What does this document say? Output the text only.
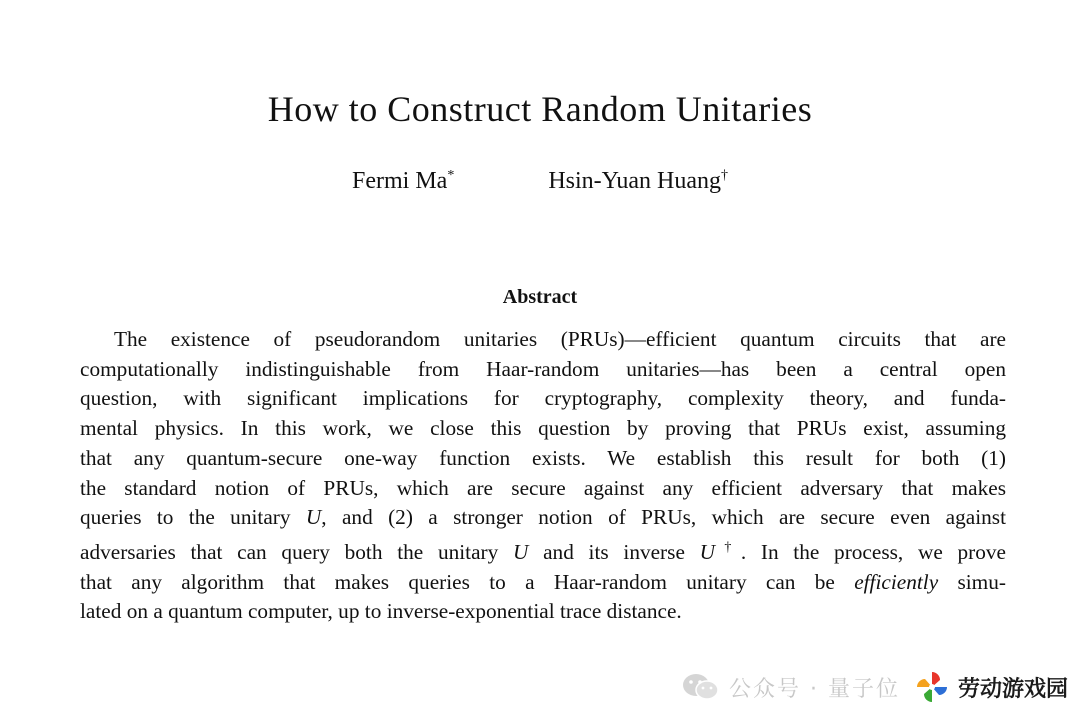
How to Construct Random Unitaries
Fermi Ma*	Hsin-Yuan Huang†
Abstract
The existence of pseudorandom unitaries (PRUs)—efficient quantum circuits that are
computationally indistinguishable from Haar-random unitaries—has been a central open
question, with significant implications for cryptography, complexity theory, and funda-
mental physics. In this work, we close this question by proving that PRUs exist, assuming
that any quantum-secure one-way function exists. We establish this result for both (1)
the standard notion of PRUs, which are secure against any efficient adversary that makes
queries to the unitary U, and (2) a stronger notion of PRUs, which are secure even against
adversaries that can query both the unitary U and its inverse U†. In the process, we prove
that any algorithm that makes queries to a Haar-random unitary can be efficiently simu-
lated on a quantum computer, up to inverse-exponential trace distance.
公众号 · 量子位	劳动游戏园
